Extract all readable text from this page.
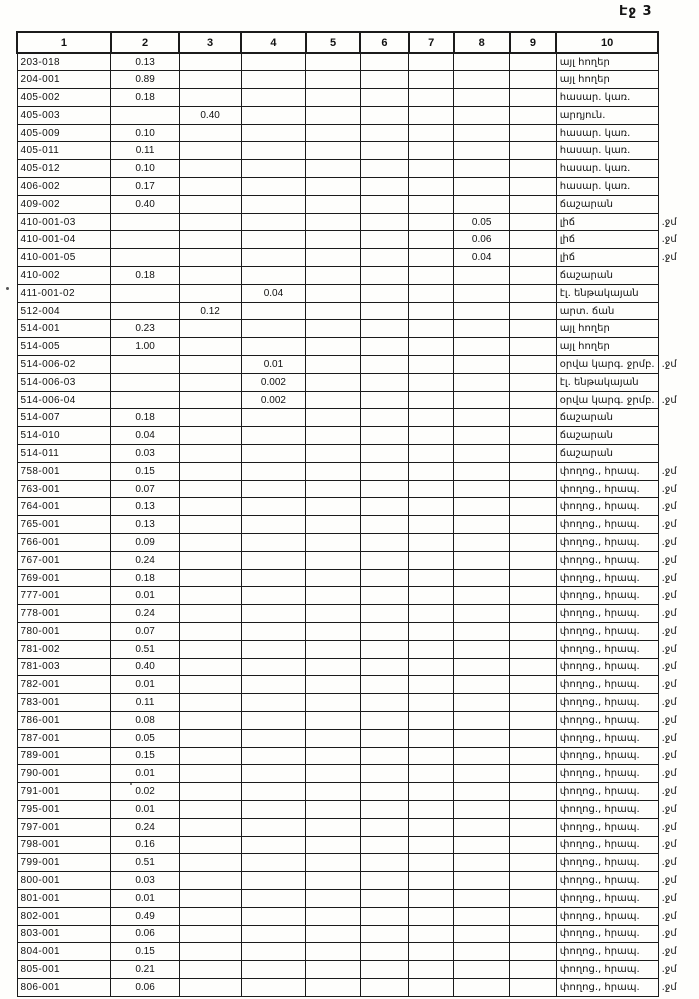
Էջ 3
1	2	3	4	5	6	7	8	9	10	
203-018	0.13								այլ հողեր	
204-001	0.89								այլ հողեր	
405-002	0.18								հասար. կառ.	
405-003		0.40							արդյուն.	
405-009	0.10								հասար. կառ.	
405-011	0.11								հասար. կառ.	
405-012	0.10								հասար. կառ.	
406-002	0.17								հասար. կառ.	
409-002	0.40								ճաշարան	
410-001-03							0.05		լիճ	.ջմ
410-001-04							0.06		լիճ	.ջմ
410-001-05							0.04		լիճ	.ջմ
410-002	0.18								ճաշարան	
411-001-02			0.04						էլ. ենթակայան	
512-004		0.12							արտ. ճան	
514-001	0.23								այլ հողեր	
514-005	1.00								այլ հողեր	
514-006-02			0.01						օրվա կարգ. ջրմբ.	.ջմ
514-006-03			0.002						էլ. ենթակայան	
514-006-04			0.002						օրվա կարգ. ջրմբ.	.ջմ
514-007	0.18								ճաշարան	
514-010	0.04								ճաշարան	
514-011	0.03								ճաշարան	
758-001	0.15								փողոց., հրապ.	.ջմ
763-001	0.07								փողոց., հրապ.	.ջմ
764-001	0.13								փողոց., հրապ.	.ջմ
765-001	0.13								փողոց., հրապ.	.ջմ
766-001	0.09								փողոց., հրապ.	.ջմ
767-001	0.24								փողոց., հրապ.	.ջմ
769-001	0.18								փողոց., հրապ.	.ջմ
777-001	0.01								փողոց., հրապ.	.ջմ
778-001	0.24								փողոց., հրապ.	.ջմ
780-001	0.07								փողոց., հրապ.	.ջմ
781-002	0.51								փողոց., հրապ.	.ջմ
781-003	0.40								փողոց., հրապ.	.ջմ
782-001	0.01								փողոց., հրապ.	.ջմ
783-001	0.11								փողոց., հրապ.	.ջմ
786-001	0.08								փողոց., հրապ.	.ջմ
787-001	0.05								փողոց., հրապ.	.ջմ
789-001	0.15								փողոց., հրապ.	.ջմ
790-001	0.01								փողոց., հրապ.	.ջմ
791-001	0.02								փողոց., հրապ.	.ջմ
795-001	0.01								փողոց., հրապ.	.ջմ
797-001	0.24								փողոց., հրապ.	.ջմ
798-001	0.16								փողոց., հրապ.	.ջմ
799-001	0.51								փողոց., հրապ.	.ջմ
800-001	0.03								փողոց., հրապ.	.ջմ
801-001	0.01								փողոց., հրապ.	.ջմ
802-001	0.49								փողոց., հրապ.	.ջմ
803-001	0.06								փողոց., հրապ.	.ջմ
804-001	0.15								փողոց., հրապ.	.ջմ
805-001	0.21								փողոց., հրապ.	.ջմ
806-001	0.06								փողոց., հրապ.	.ջմ
